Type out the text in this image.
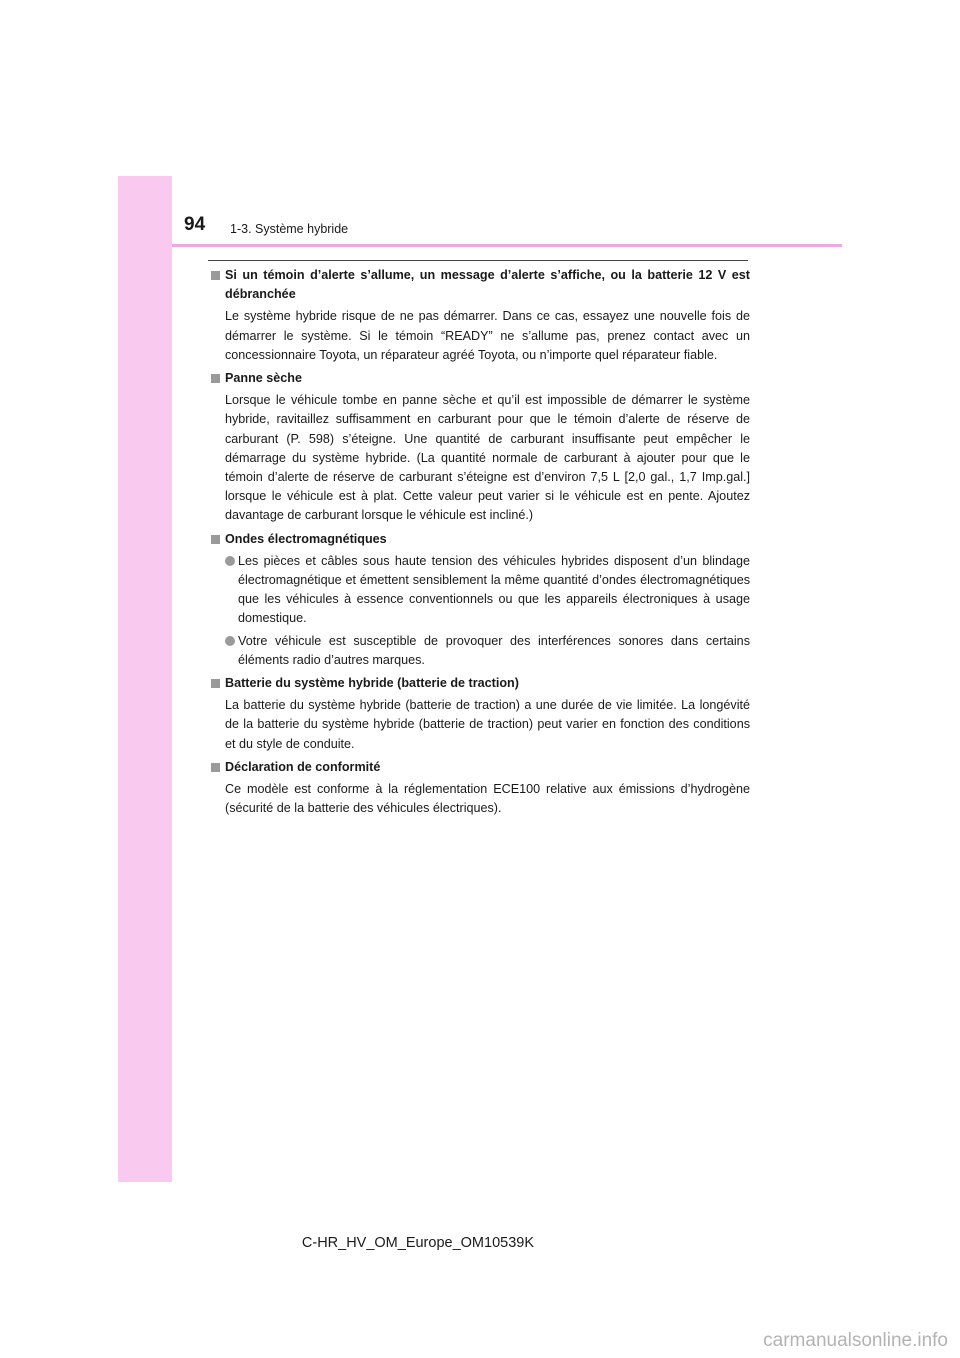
94 1-3. Système hybride
Si un témoin d’alerte s’allume, un message d’alerte s’affiche, ou la batterie 12 V est débranchée
Le système hybride risque de ne pas démarrer. Dans ce cas, essayez une nouvelle fois de démarrer le système. Si le témoin “READY” ne s’allume pas, prenez contact avec un concessionnaire Toyota, un réparateur agréé Toyota, ou n’importe quel réparateur fiable.
Panne sèche
Lorsque le véhicule tombe en panne sèche et qu’il est impossible de démarrer le système hybride, ravitaillez suffisamment en carburant pour que le témoin d’alerte de réserve de carburant (P. 598) s’éteigne. Une quantité de carburant insuffisante peut empêcher le démarrage du système hybride. (La quantité normale de carburant à ajouter pour que le témoin d’alerte de réserve de carburant s’éteigne est d’environ 7,5 L [2,0 gal., 1,7 Imp.gal.] lorsque le véhicule est à plat. Cette valeur peut varier si le véhicule est en pente. Ajoutez davantage de carburant lorsque le véhicule est incliné.)
Ondes électromagnétiques
Les pièces et câbles sous haute tension des véhicules hybrides disposent d’un blindage électromagnétique et émettent sensiblement la même quantité d’ondes électromagnétiques que les véhicules à essence conventionnels ou que les appareils électroniques à usage domestique.
Votre véhicule est susceptible de provoquer des interférences sonores dans certains éléments radio d’autres marques.
Batterie du système hybride (batterie de traction)
La batterie du système hybride (batterie de traction) a une durée de vie limitée. La longévité de la batterie du système hybride (batterie de traction) peut varier en fonction des conditions et du style de conduite.
Déclaration de conformité
Ce modèle est conforme à la réglementation ECE100 relative aux émissions d’hydrogène (sécurité de la batterie des véhicules électriques).
C-HR_HV_OM_Europe_OM10539K
carmanualsonline.info
